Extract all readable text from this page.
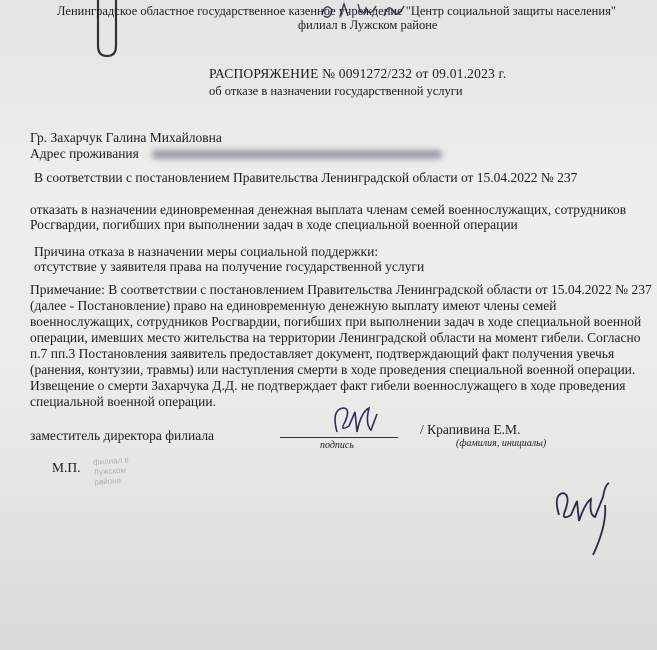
Ленинградское областное государственное казенное учреждение "Центр социальной защиты населения"
филиал в Лужском районе
РАСПОРЯЖЕНИЕ № 0091272/232 от 09.01.2023 г.
об отказе в назначении государственной услуги
Гр. Захарчук Галина Михайловна
Адрес проживания
В соответствии с постановлением Правительства Ленинградской области от 15.04.2022 № 237
отказать в назначении единовременная денежная выплата членам семей военнослужащих, сотрудников
Росгвардии, погибших при выполнении задач в ходе специальной военной операции
Причина отказа в назначении меры социальной поддержки:
отсутствие у заявителя права на получение государственной услуги
Примечание: В соответствии с постановлением Правительства Ленинградской области от 15.04.2022 № 237
(далее - Постановление) право на единовременную денежную выплату имеют члены семей
военнослужащих, сотрудников Росгвардии, погибших при выполнении задач в ходе специальной военной
операции, имевших место жительства на территории Ленинградской области на момент гибели. Согласно
п.7 пп.3 Постановления заявитель предоставляет документ, подтверждающий факт получения увечья
(ранения, контузии, травмы) или наступления смерти в ходе проведения специальной военной операции.
Извещение о смерти Захарчука Д.Д. не подтверждает факт гибели военнослужащего в ходе проведения
специальной военной операции.
заместитель директора филиала
подпись
/ Крапивина Е.М.
(фамилия, инициалы)
М.П. филиал в
Лужском
районе
